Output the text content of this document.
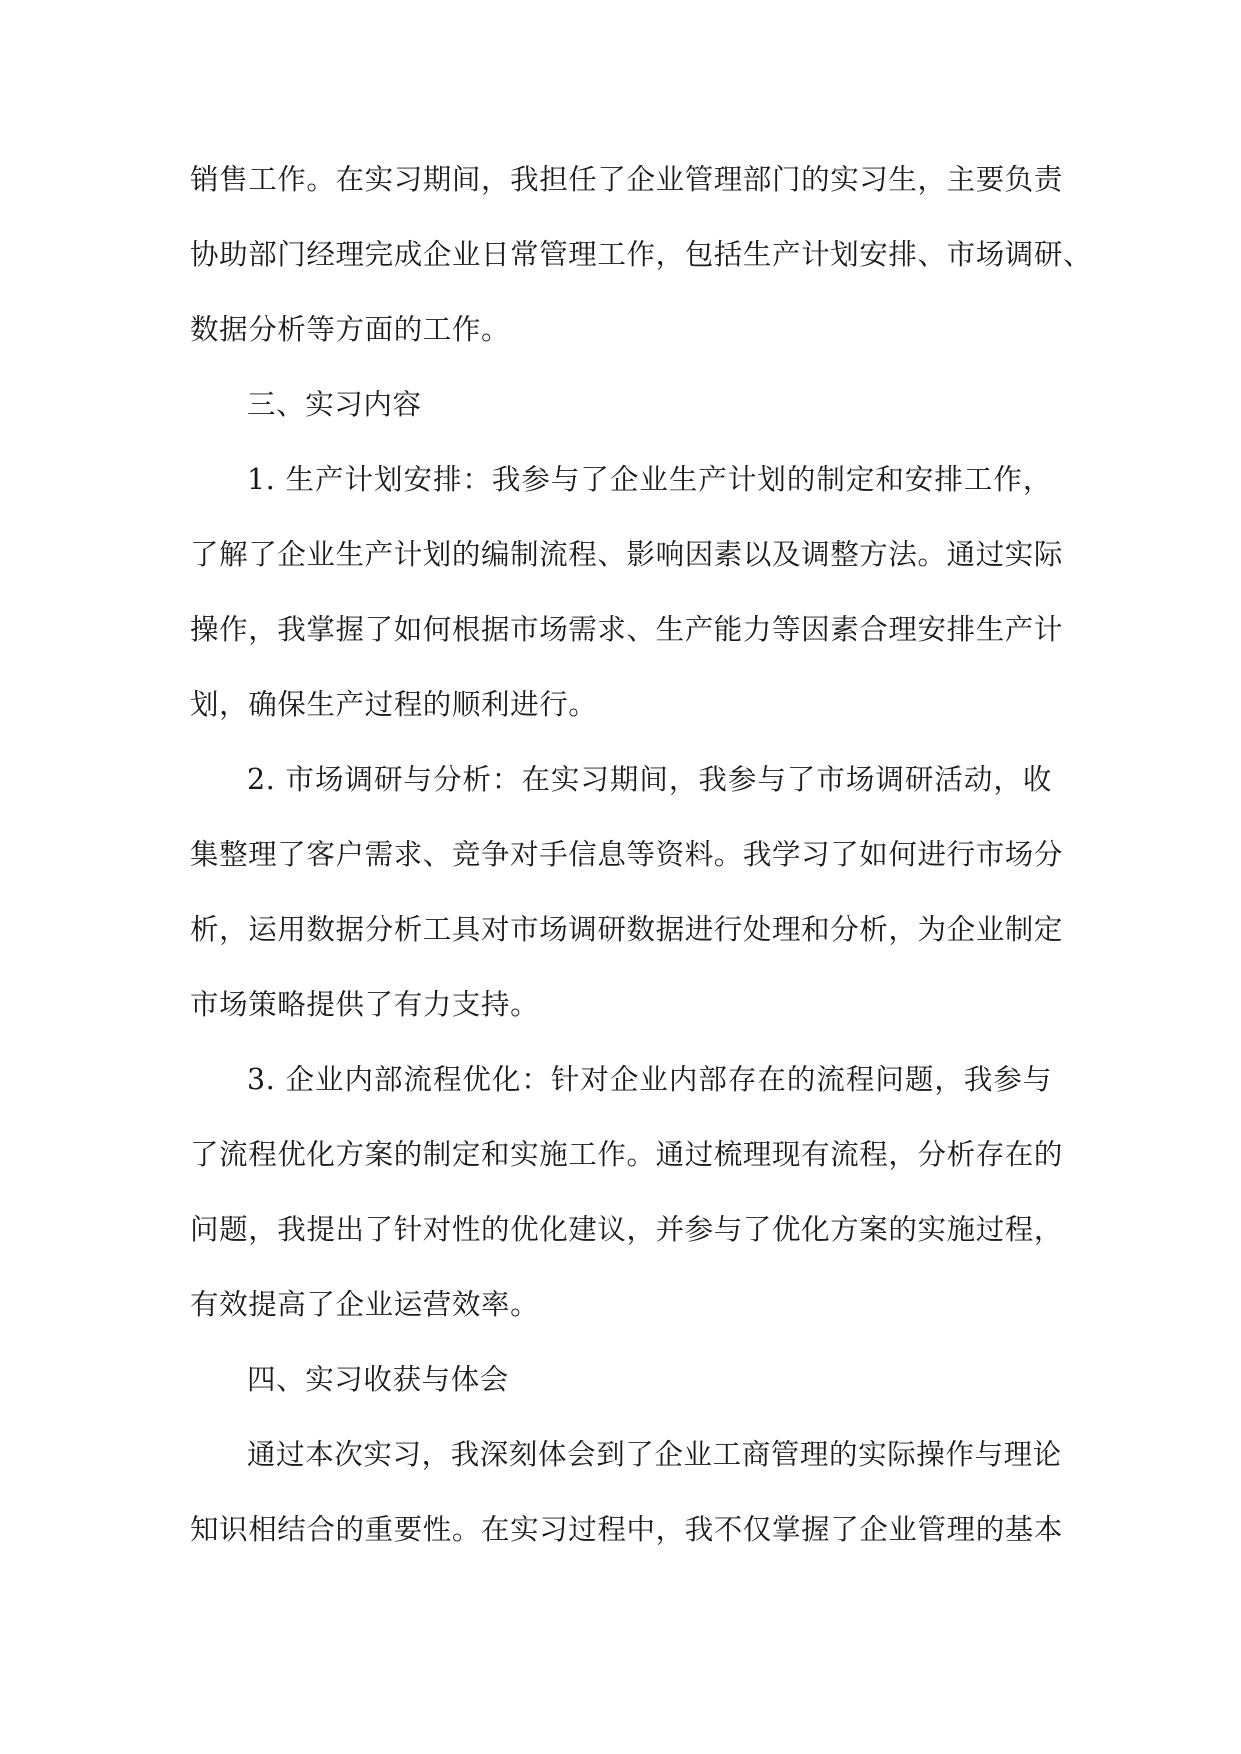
销售工作。在实习期间，我担任了企业管理部门的实习生，主要负责
协助部门经理完成企业日常管理工作，包括生产计划安排、市场调研、
数据分析等方面的工作。
三、实习内容
1. 生产计划安排：我参与了企业生产计划的制定和安排工作，
了解了企业生产计划的编制流程、影响因素以及调整方法。通过实际
操作，我掌握了如何根据市场需求、生产能力等因素合理安排生产计
划，确保生产过程的顺利进行。
2. 市场调研与分析：在实习期间，我参与了市场调研活动，收
集整理了客户需求、竞争对手信息等资料。我学习了如何进行市场分
析，运用数据分析工具对市场调研数据进行处理和分析，为企业制定
市场策略提供了有力支持。
3. 企业内部流程优化：针对企业内部存在的流程问题，我参与
了流程优化方案的制定和实施工作。通过梳理现有流程，分析存在的
问题，我提出了针对性的优化建议，并参与了优化方案的实施过程，
有效提高了企业运营效率。
四、实习收获与体会
通过本次实习，我深刻体会到了企业工商管理的实际操作与理论
知识相结合的重要性。在实习过程中，我不仅掌握了企业管理的基本
